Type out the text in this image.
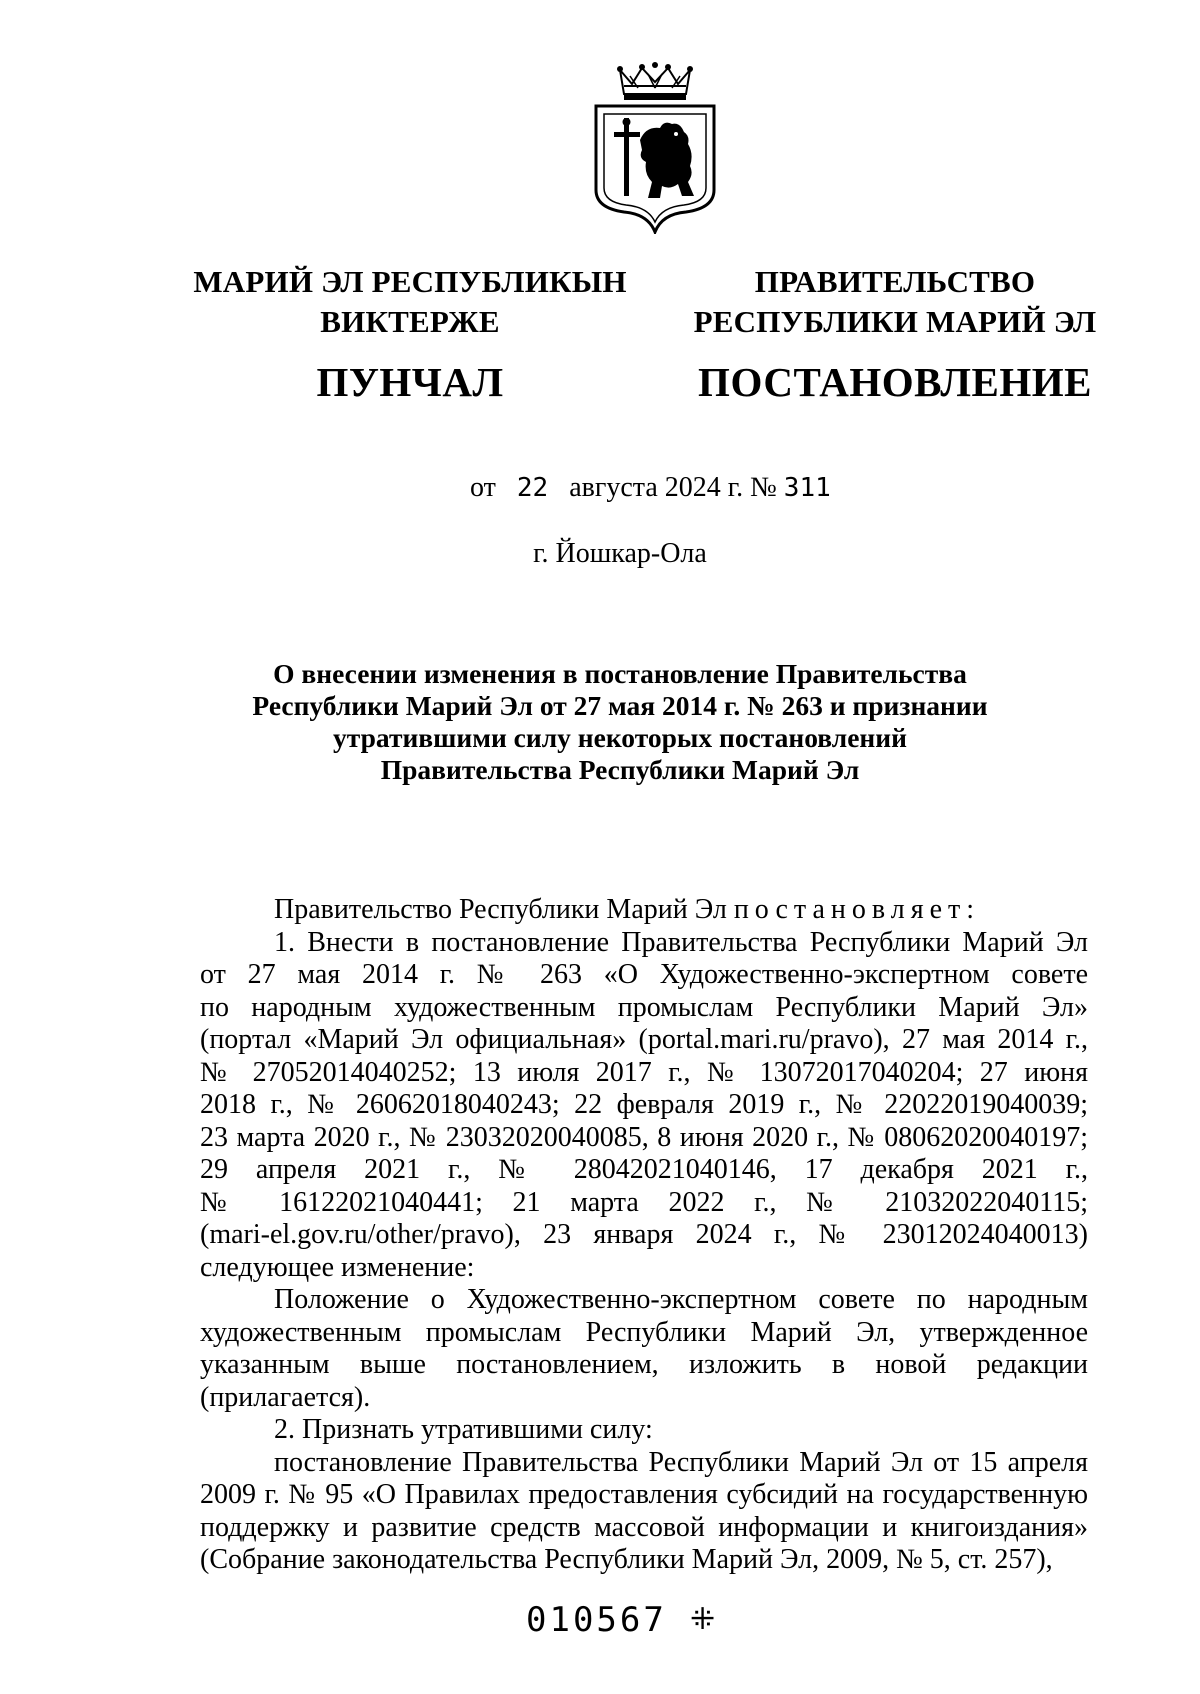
МАРИЙ ЭЛ РЕСПУБЛИКЫН
ВИКТЕРЖЕ
ПУНЧАЛ
ПРАВИТЕЛЬСТВО
РЕСПУБЛИКИ МАРИЙ ЭЛ
ПОСТАНОВЛЕНИЕ
от 22 августа 2024 г. № 311
г. Йошкар-Ола
О внесении изменения в постановление Правительства
Республики Марий Эл от 27 мая 2014 г. № 263 и признании
утратившими силу некоторых постановлений
Правительства Республики Марий Эл

Правительство Республики Марий Эл постановляет:

1. Внести в постановление Правительства Республики Марий Эл

от 27 мая 2014 г. № 263 «О Художественно-экспертном совете

по народным художественным промыслам Республики Марий Эл»

(портал «Марий Эл официальная» (portal.mari.ru/pravo), 27 мая 2014 г.,

№ 27052014040252; 13 июля 2017 г., № 13072017040204; 27 июня

2018 г., № 26062018040243; 22 февраля 2019 г., № 22022019040039;

23 марта 2020 г., № 23032020040085, 8 июня 2020 г., № 08062020040197;

29 апреля 2021 г., № 28042021040146, 17 декабря 2021 г.,

№ 16122021040441; 21 марта 2022 г., № 21032022040115;

(mari-el.gov.ru/other/pravo), 23 января 2024 г., № 23012024040013)

следующее изменение:

Положение о Художественно-экспертном совете по народным художественным промыслам Республики Марий Эл, утвержденное указанным выше постановлением, изложить в новой редакции (прилагается).

2. Признать утратившими силу:

постановление Правительства Республики Марий Эл от 15 апреля 2009 г. № 95 «О Правилах предоставления субсидий на государственную поддержку и развитие средств массовой информации и книгоиздания» (Собрание законодательства Республики Марий Эл, 2009, № 5, ст. 257),

010567 ⁜
